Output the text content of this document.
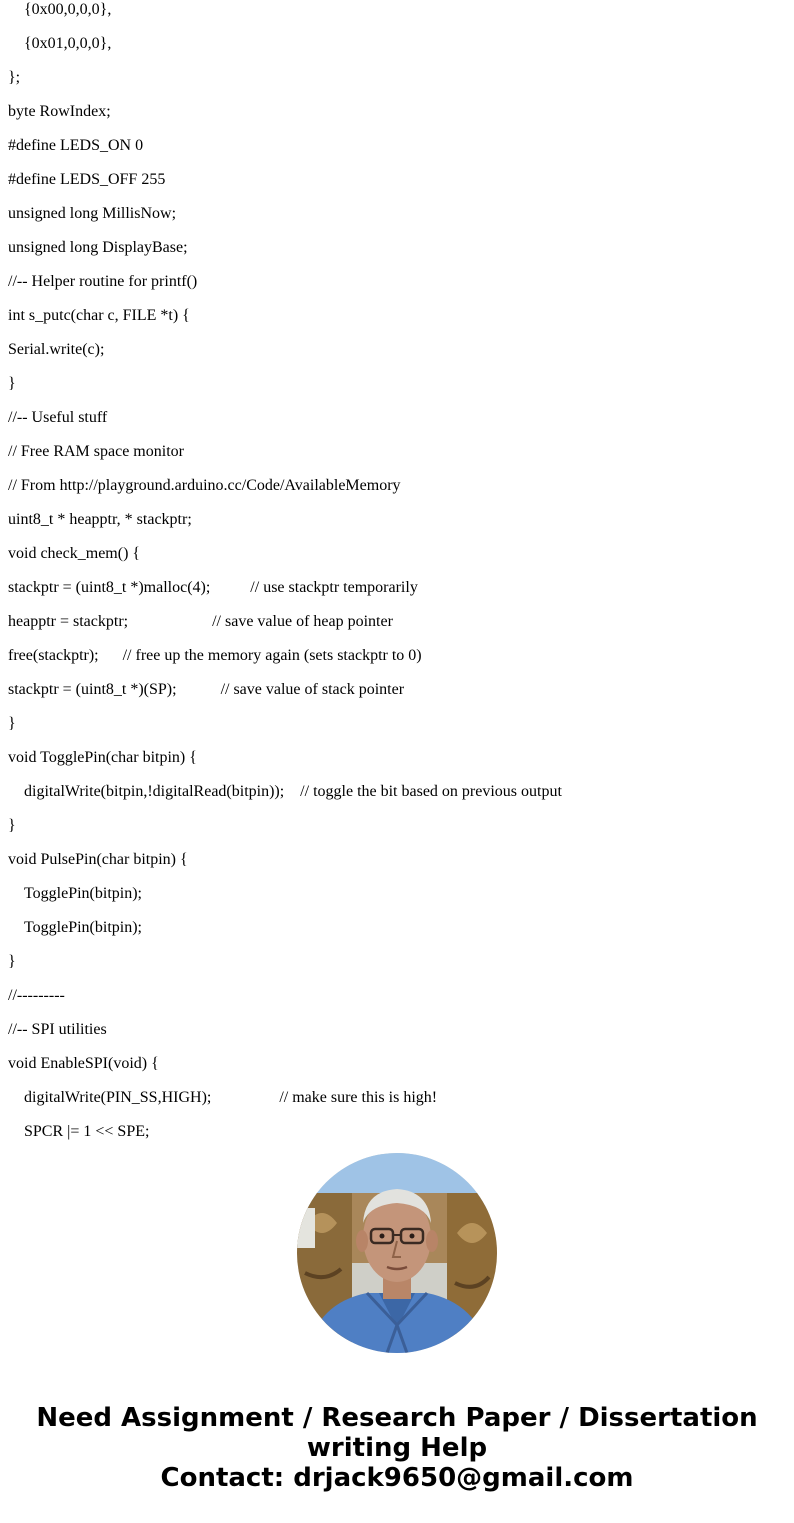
{0x00,0,0,0},

{0x01,0,0,0},

};

byte RowIndex;

#define LEDS_ON 0

#define LEDS_OFF 255

unsigned long MillisNow;

unsigned long DisplayBase;

//-- Helper routine for printf()

int s_putc(char c, FILE *t) {

Serial.write(c);

}

//-- Useful stuff

// Free RAM space monitor

// From http://playground.arduino.cc/Code/AvailableMemory

uint8_t * heapptr, * stackptr;

void check_mem() {

stackptr = (uint8_t *)malloc(4);          // use stackptr temporarily

heapptr = stackptr;                     // save value of heap pointer

free(stackptr);      // free up the memory again (sets stackptr to 0)

stackptr = (uint8_t *)(SP);           // save value of stack pointer

}

void TogglePin(char bitpin) {

digitalWrite(bitpin,!digitalRead(bitpin));    // toggle the bit based on previous output

}

void PulsePin(char bitpin) {

TogglePin(bitpin);

TogglePin(bitpin);

}

//---------

//-- SPI utilities

void EnableSPI(void) {

digitalWrite(PIN_SS,HIGH);                 // make sure this is high!

SPCR |= 1 << SPE;

Need Assignment / Research Paper / Dissertation

writing Help

Contact: drjack9650@gmail.com
